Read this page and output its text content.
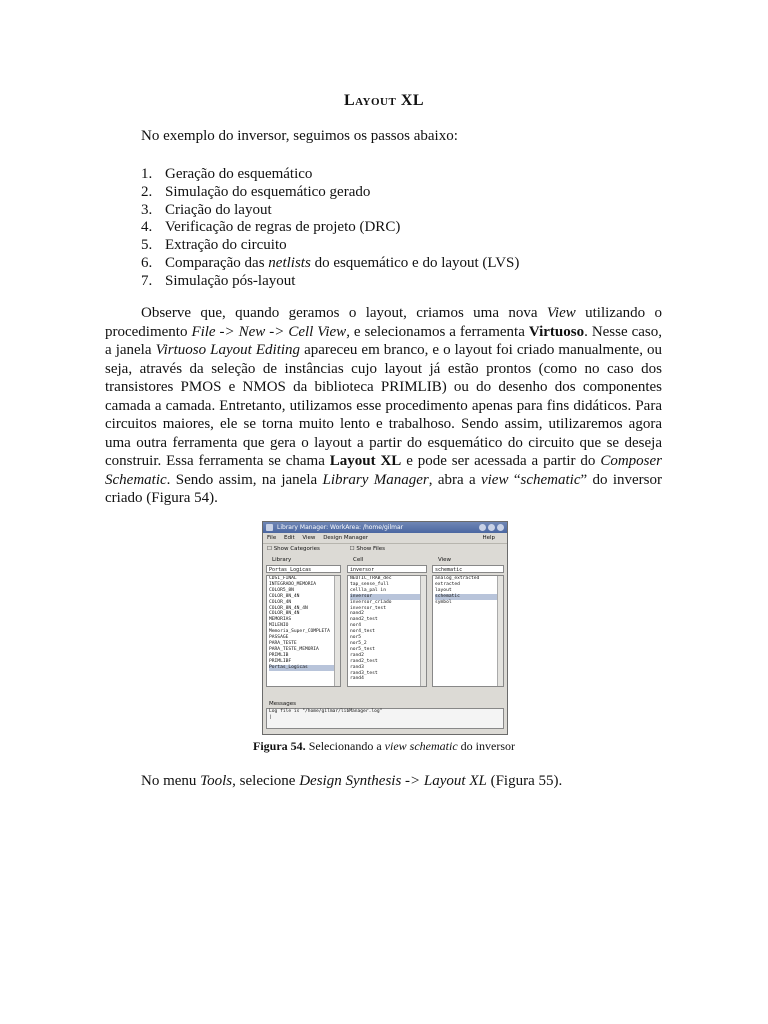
Layout XL
No exemplo do inversor, seguimos os passos abaixo:
1. Geração do esquemático
2. Simulação do esquemático gerado
3. Criação do layout
4. Verificação de regras de projeto (DRC)
5. Extração do circuito
6. Comparação das netlists do esquemático e do layout (LVS)
7. Simulação pós-layout

Observe que, quando geramos o layout, criamos uma nova View utilizando o procedimento File -> New -> Cell View, e selecionamos a ferramenta Virtuoso. Nesse caso, a janela Virtuoso Layout Editing apareceu em branco, e o layout foi criado manualmente, ou seja, através da seleção de instâncias cujo layout já estão prontos (como no caso dos transistores PMOS e NMOS da biblioteca PRIMLIB) ou do desenho dos componentes camada a camada. Entretanto, utilizamos esse procedimento apenas para fins didáticos. Para circuitos maiores, ele se torna muito lento e trabalhoso. Sendo assim, utilizaremos agora uma outra ferramenta que gera o layout a partir do esquemático do circuito que se deseja construir. Essa ferramenta se chama Layout XL e pode ser acessada a partir do Composer Schematic. Sendo assim, na janela Library Manager, abra a view “schematic” do inversor criado (Figura 54).

Library Manager: WorkArea: /home/gilmar
File Edit View Design Manager	Help
☐ Show Categories	☐ Show Files
Library
Portas_Logicas
CDS1_FINAL
INTEGRADO_MEMORIA
COLOR5_8N
COLOR_8N_4N
COLOR_4N
COLOR_8N_4N_4N
COLOR_8N_4N
MEMORIAS
MILENIO
Memoria_Super_COMPLETA
PASSAGE
PARA_TESTE
PARA_TESTE_MEMORIA
PRIMLIB
PRIMLIBF
Portas_Logicas
Cell
inversor
NEUTIC_TRAB_dec
tap_sense_full
cellla_pal in
inversor
inversor_criado
inversor_test
nand2
nand2_test
nor4
nor4_test
nor5
nor5_2
nor5_test
rand2
rand2_test
rand3
rand3_test
rand4
View
schematic
analog_extracted
extracted
layout
schematic
symbol
Messages
Log file is "/home/gilmar/libManager.log"
|
Figura 54. Selecionando a view schematic do inversor
No menu Tools, selecione Design Synthesis -> Layout XL (Figura 55).
